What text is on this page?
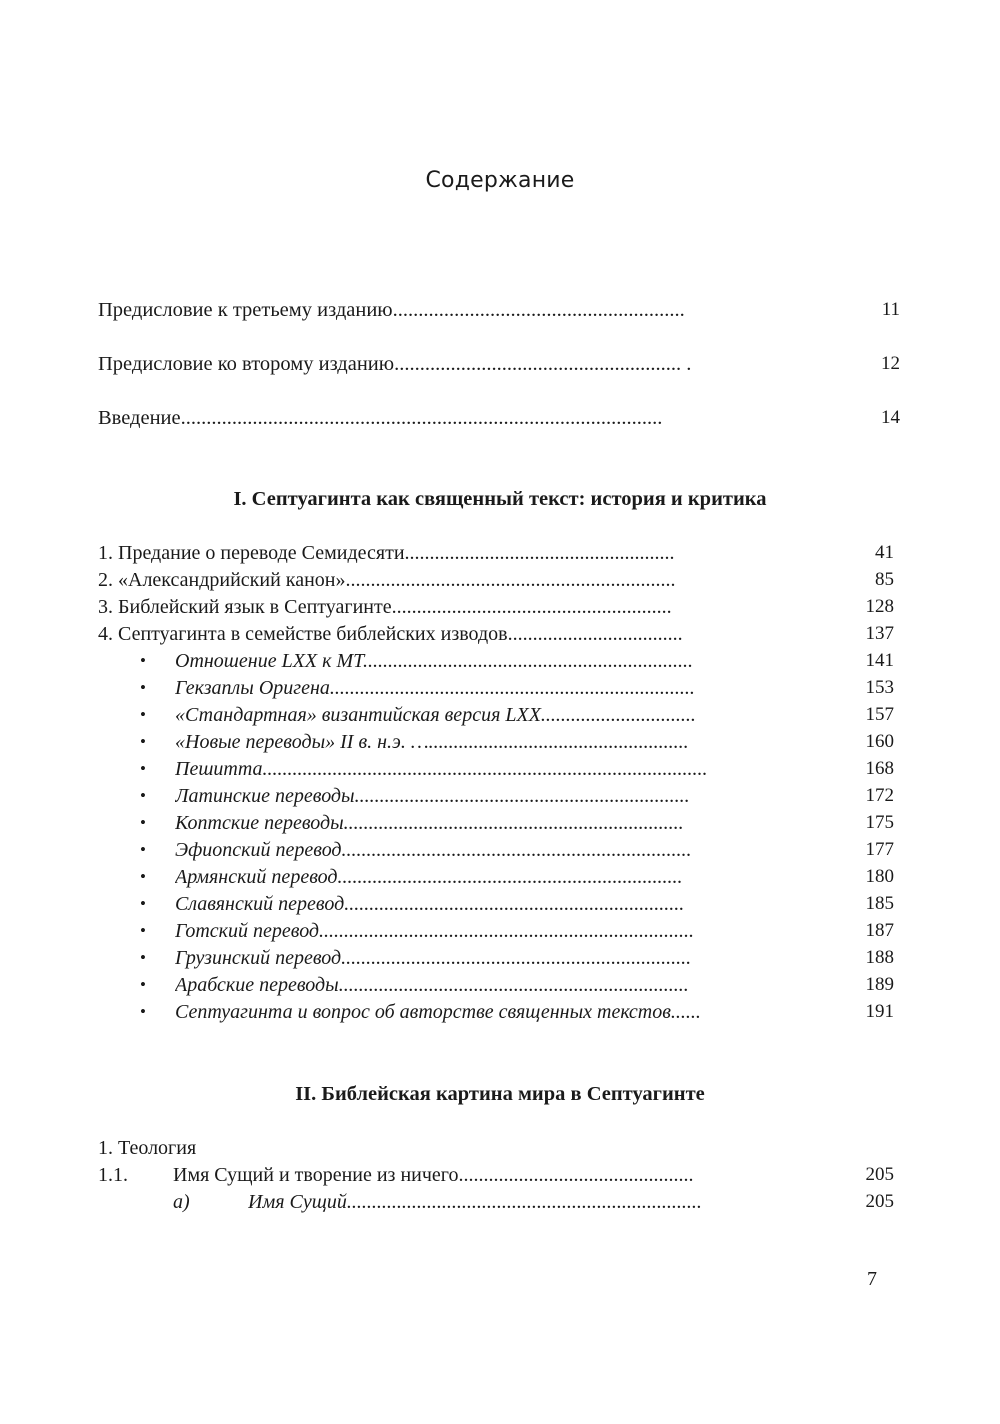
Содержание
Предисловие к третьему изданию.........................................................	11
Предисловие ко второму изданию........................................................ .	12
Введение..............................................................................................	14
I. Септуагинта как священный текст: история и критика
1. Предание о переводе Семидесяти......................................................	41
2. «Александрийский канон»..................................................................	85
3. Библейский язык в Септуагинте........................................................	128
4. Септуагинта в семействе библейских изводов...................................	137
• Отношение LXX к МТ..................................................................	141
• Гекзаплы Оригена.........................................................................	153
• «Стандартная» византийская версия LXX...............................	157
• «Новые переводы» II в. н.э. …....................................................	160
• Пешитта.........................................................................................	168
• Латинские переводы...................................................................	172
• Коптские переводы....................................................................	175
• Эфиопский перевод......................................................................	177
• Армянский перевод.....................................................................	180
• Славянский перевод....................................................................	185
• Готский перевод...........................................................................	187
• Грузинский перевод......................................................................	188
• Арабские переводы......................................................................	189
• Септуагинта и вопрос об авторстве священных текстов......	191
II. Библейская картина мира в Септуагинте
1. Теология
1.1.	Имя Сущий и творение из ничего...............................................	205
а)	Имя Сущий.......................................................................	205
7
